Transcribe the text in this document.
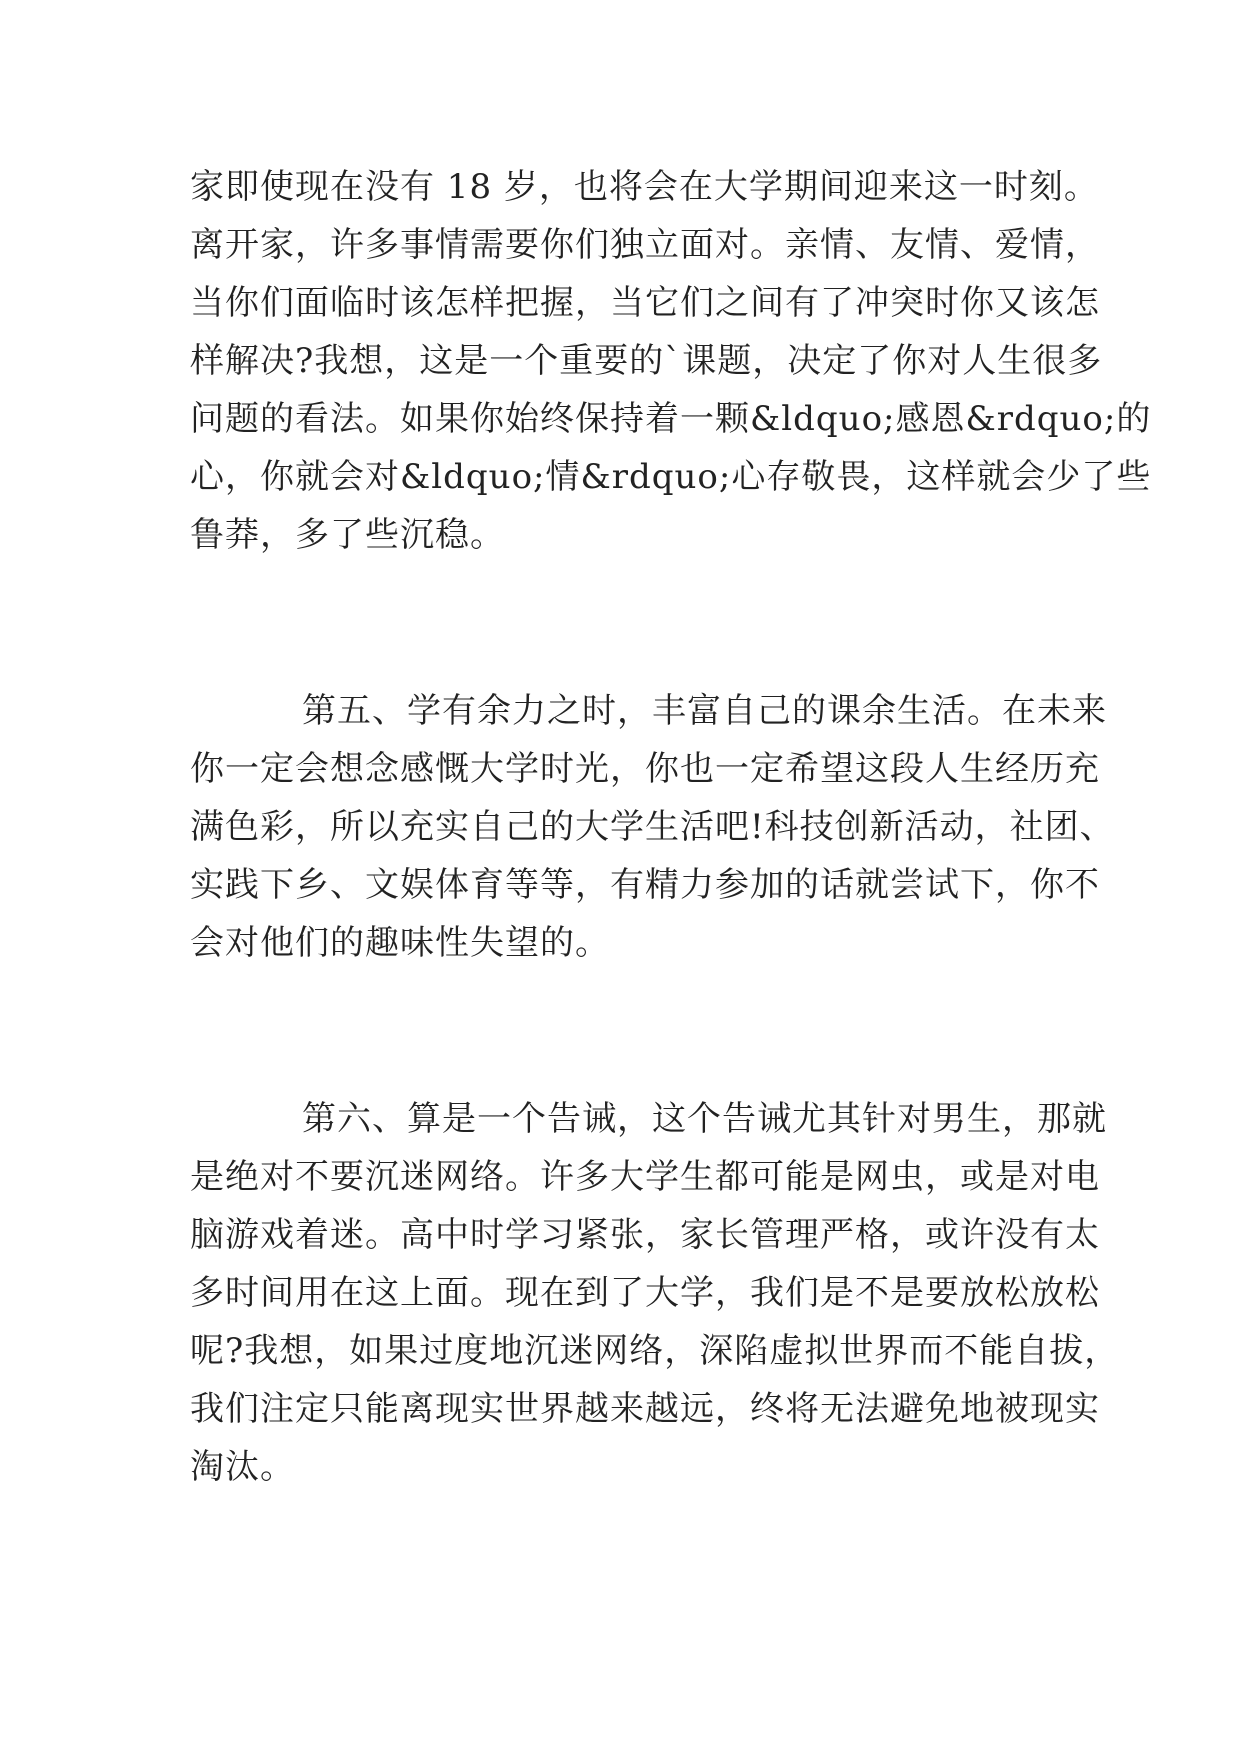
家即使现在没有 18 岁，也将会在大学期间迎来这一时刻。
离开家，许多事情需要你们独立面对。亲情、友情、爱情，
当你们面临时该怎样把握，当它们之间有了冲突时你又该怎
样解决?我想，这是一个重要的`课题，决定了你对人生很多
问题的看法。如果你始终保持着一颗&ldquo;感恩&rdquo;的
心，你就会对&ldquo;情&rdquo;心存敬畏，这样就会少了些
鲁莽，多了些沉稳。
第五、学有余力之时，丰富自己的课余生活。在未来
你一定会想念感慨大学时光，你也一定希望这段人生经历充
满色彩，所以充实自己的大学生活吧!科技创新活动，社团、
实践下乡、文娱体育等等，有精力参加的话就尝试下，你不
会对他们的趣味性失望的。
第六、算是一个告诫，这个告诫尤其针对男生，那就
是绝对不要沉迷网络。许多大学生都可能是网虫，或是对电
脑游戏着迷。高中时学习紧张，家长管理严格，或许没有太
多时间用在这上面。现在到了大学，我们是不是要放松放松
呢?我想，如果过度地沉迷网络，深陷虚拟世界而不能自拔，
我们注定只能离现实世界越来越远，终将无法避免地被现实
淘汰。
